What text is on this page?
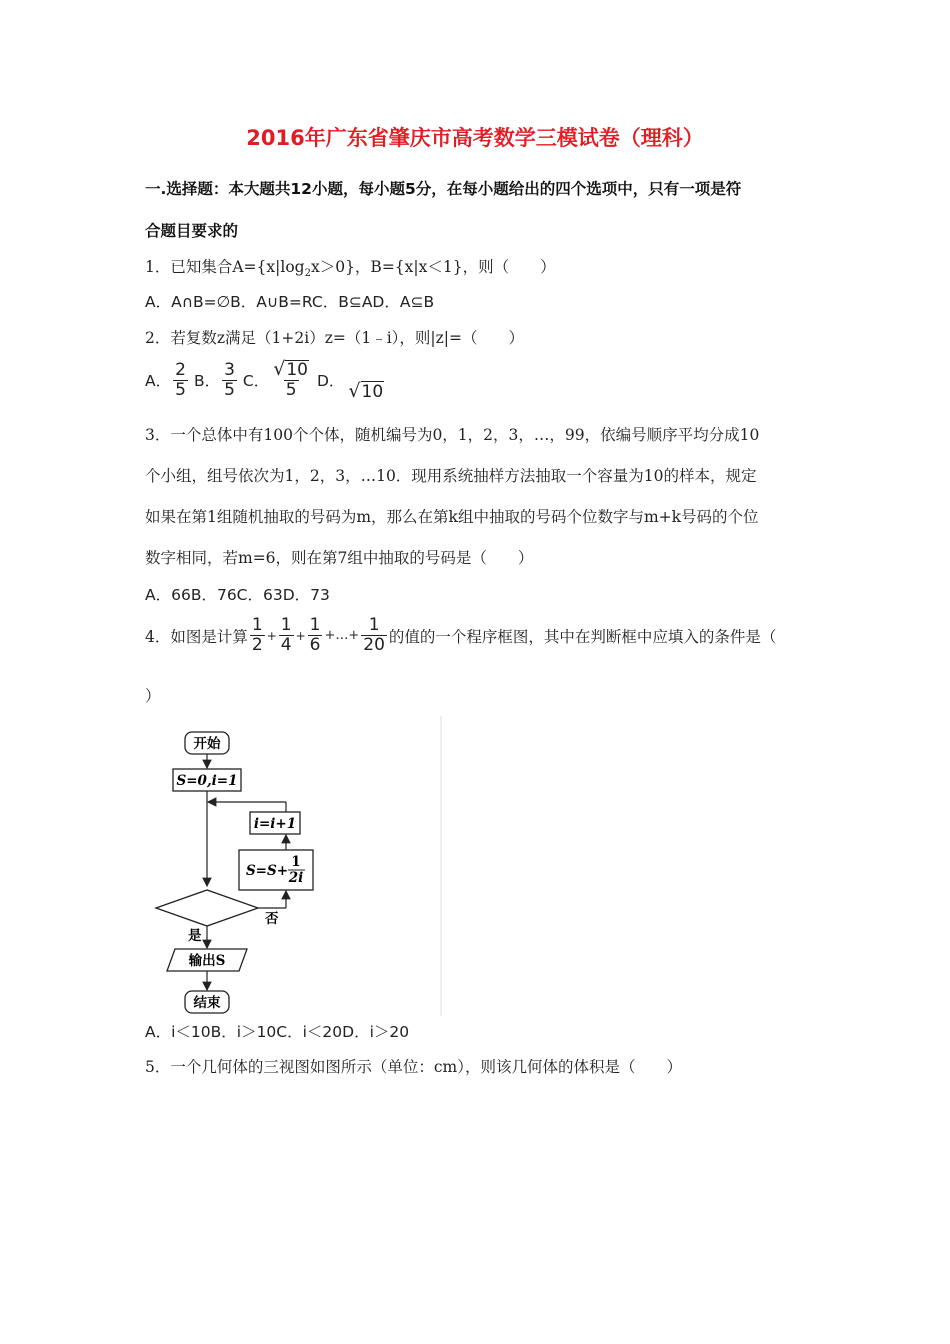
2016年广东省肇庆市高考数学三模试卷（理科）
一.选择题：本大题共12小题，每小题5分，在每小题给出的四个选项中，只有一项是符
合题目要求的
1．已知集合$A=\{x|\log_2x>0\}$，B={x|x＜1}，则（　　）
A．A∩B=∅B．A∪B=RC．B⊆AD．A⊆B
2．若复数z满足（1+2i）z=（1﹣i），则|z|=（　　）
A． $\frac{2}{5}$ B． $\frac{3}{5}$ C． $\frac{√10}{5}$ D． √10
3．一个总体中有100个个体，随机编号为0，1，2，3，…，99，依编号顺序平均分成10
个小组，组号依次为1，2，3，…10．现用系统抽样方法抽取一个容量为10的样本，规定
如果在第1组随机抽取的号码为m，那么在第k组中抽取的号码个位数字与m+k号码的个位
数字相同，若m=6，则在第7组中抽取的号码是（　　）
A．66B．76C．63D．73
4．如图是计算 $\frac{1}{2} + \frac{1}{4} + \frac{1}{6}$ +…+ $\frac{1}{20}$ 的值的一个程序框图，其中在判断框中应填入的条件是（
）
开始
S=0,i=1
i=i+1
S=S+
1
2i
否
是
输出S
结束
A．i＜10B．i＞10C．i＜20D．i＞20
5．一个几何体的三视图如图所示（单位：cm），则该几何体的体积是（　　）
